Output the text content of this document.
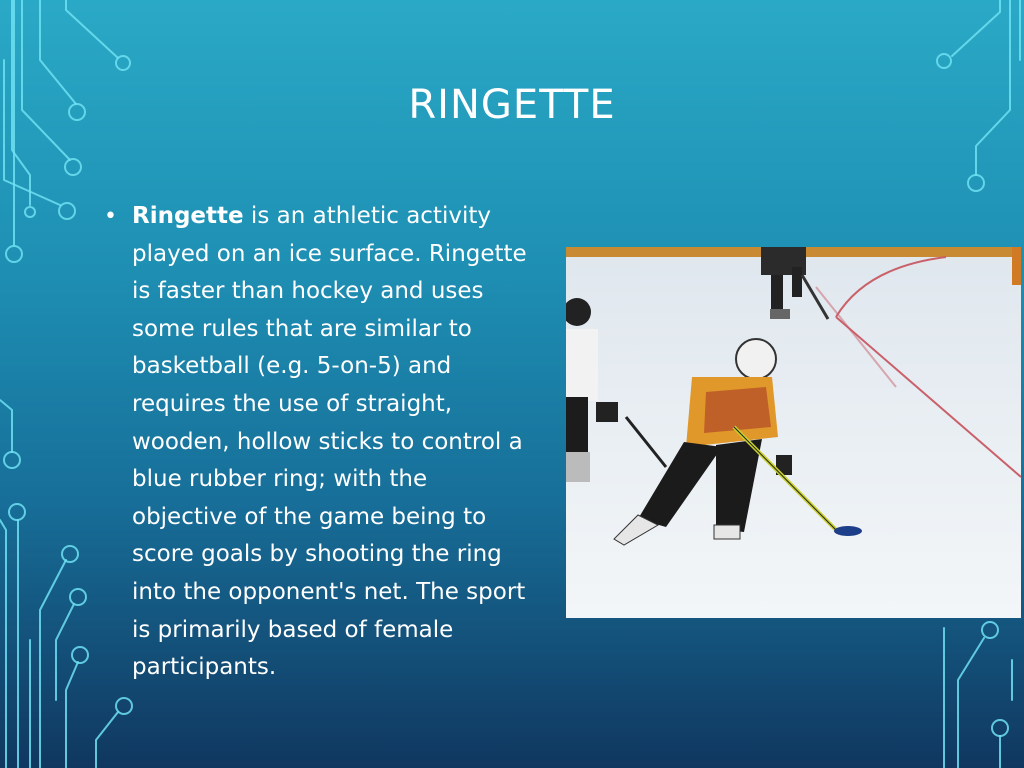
RINGETTE
• Ringette is an athletic activity played on an ice surface. Ringette is faster than hockey and uses some rules that are similar to basketball (e.g. 5-on-5) and requires the use of straight, wooden, hollow sticks to control a blue rubber ring; with the objective of the game being to score goals by shooting the ring into the opponent's net. The sport is primarily based of female participants.
